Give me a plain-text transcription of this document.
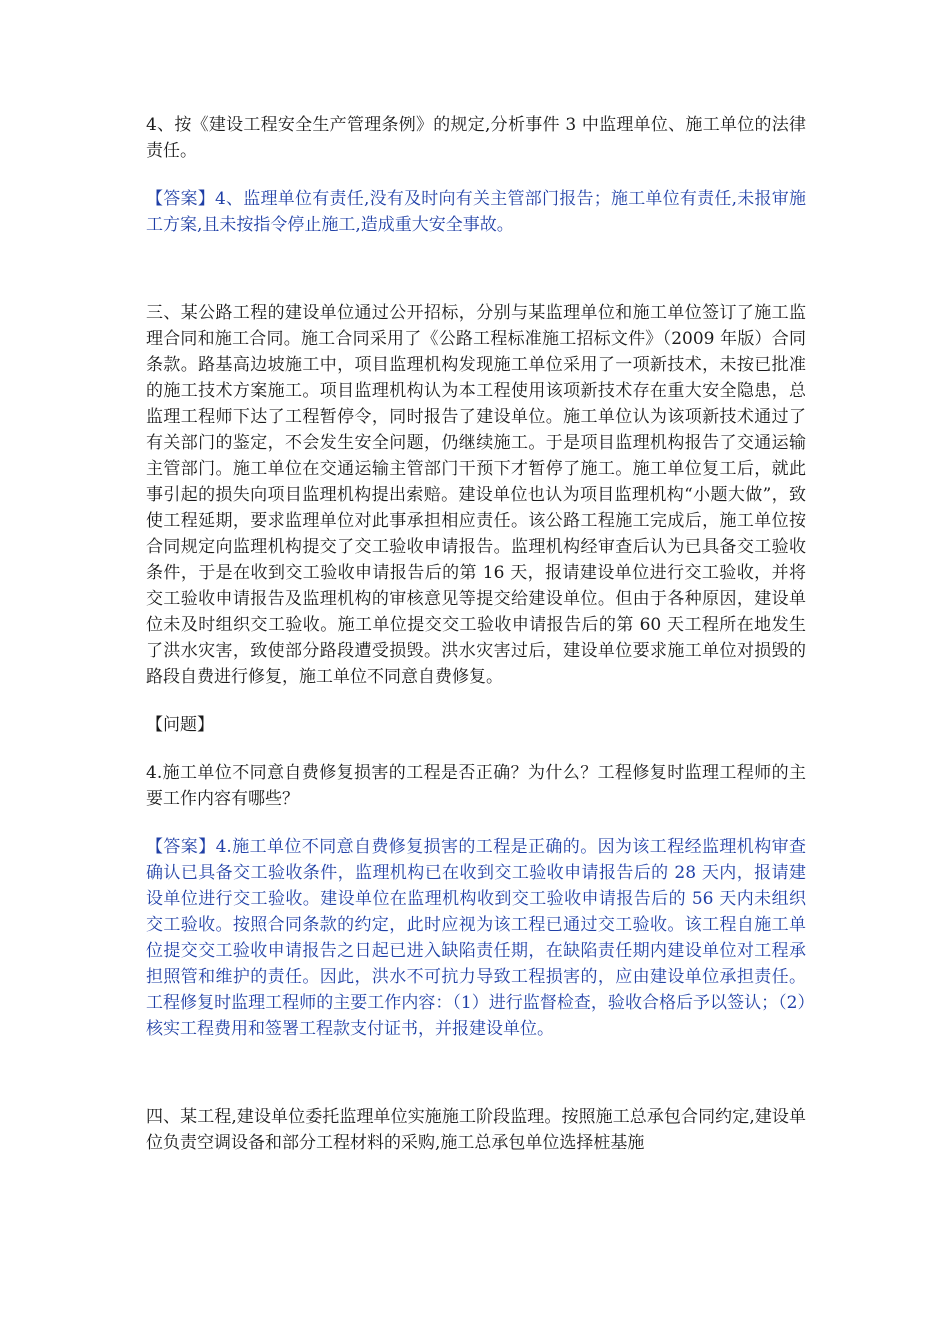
4、按《建设工程安全生产管理条例》的规定,分析事件 3 中监理单位、施工单位的法律责任。

【答案】4、监理单位有责任,没有及时向有关主管部门报告；施工单位有责任,未报审施工方案,且未按指令停止施工,造成重大安全事故。

三、某公路工程的建设单位通过公开招标，分别与某监理单位和施工单位签订了施工监理合同和施工合同。施工合同采用了《公路工程标准施工招标文件》（2009 年版）合同条款。路基高边坡施工中，项目监理机构发现施工单位采用了一项新技术，未按已批准的施工技术方案施工。项目监理机构认为本工程使用该项新技术存在重大安全隐患，总监理工程师下达了工程暂停令，同时报告了建设单位。施工单位认为该项新技术通过了有关部门的鉴定，不会发生安全问题，仍继续施工。于是项目监理机构报告了交通运输主管部门。施工单位在交通运输主管部门干预下才暂停了施工。施工单位复工后，就此事引起的损失向项目监理机构提出索赔。建设单位也认为项目监理机构“小题大做”，致使工程延期，要求监理单位对此事承担相应责任。该公路工程施工完成后，施工单位按合同规定向监理机构提交了交工验收申请报告。监理机构经审查后认为已具备交工验收条件，于是在收到交工验收申请报告后的第 16 天，报请建设单位进行交工验收，并将交工验收申请报告及监理机构的审核意见等提交给建设单位。但由于各种原因，建设单位未及时组织交工验收。施工单位提交交工验收申请报告后的第 60 天工程所在地发生了洪水灾害，致使部分路段遭受损毁。洪水灾害过后，建设单位要求施工单位对损毁的路段自费进行修复，施工单位不同意自费修复。

【问题】

4.施工单位不同意自费修复损害的工程是否正确？为什么？工程修复时监理工程师的主要工作内容有哪些？

【答案】4.施工单位不同意自费修复损害的工程是正确的。因为该工程经监理机构审查确认已具备交工验收条件，监理机构已在收到交工验收申请报告后的 28 天内，报请建设单位进行交工验收。建设单位在监理机构收到交工验收申请报告后的 56 天内未组织交工验收。按照合同条款的约定，此时应视为该工程已通过交工验收。该工程自施工单位提交交工验收申请报告之日起已进入缺陷责任期，在缺陷责任期内建设单位对工程承担照管和维护的责任。因此，洪水不可抗力导致工程损害的，应由建设单位承担责任。工程修复时监理工程师的主要工作内容：（1）进行监督检查，验收合格后予以签认；（2）核实工程费用和签署工程款支付证书，并报建设单位。

四、某工程,建设单位委托监理单位实施施工阶段监理。按照施工总承包合同约定,建设单位负责空调设备和部分工程材料的采购,施工总承包单位选择桩基施
